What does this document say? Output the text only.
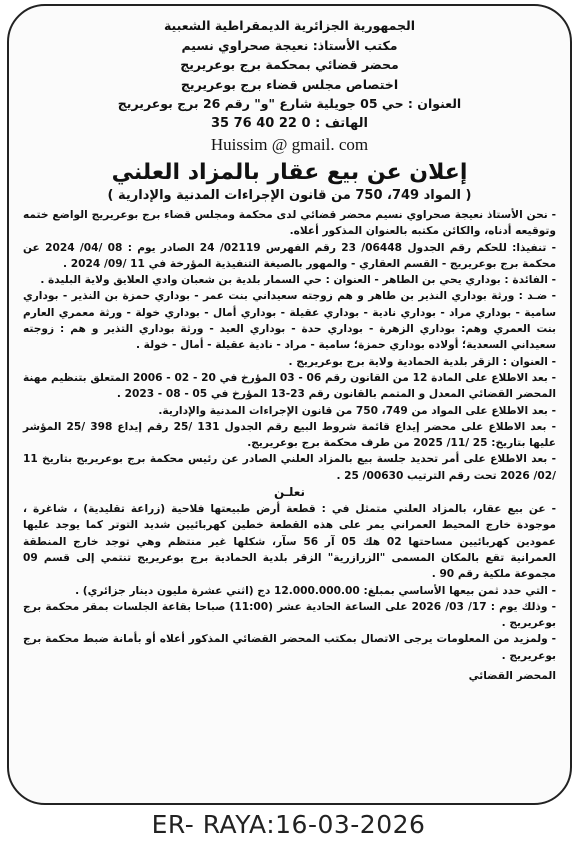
الجمهورية الجزائرية الديمقراطية الشعبية
مكتب الأستاذ: نعيجة صحراوي نسيم
محضر قضائي بمحكمة برج بوعريريج
اختصاص مجلس قضاء برج بوعريريج
العنوان : حي 05 جويلية شارع "و" رقم 26 برج بوعريريج
الهاتف : 0 22 40 76 35
Huissim @ gmail. com
إعلان عن بيع عقار بالمزاد العلني
( المواد 749، 750 من قانون الإجراءات المدنية والإدارية )

- نحن الأستاذ نعيجة صحراوي نسيم محضر قضائي لدى محكمة ومجلس قضاء برج بوعريريج الواضع ختمه وتوقيعه أدناه، والكائن مكتبه بالعنوان المذكور أعلاه.

- تنفيذا: للحكم رقم الجدول 06448/ 23 رقم الفهرس 02119/ 24 الصادر يوم : 08 /04/ 2024 عن محكمة برج بوعريريج - القسم العقاري - والمهور بالصيغة التنفيذية المؤرخة في 11 /09/ 2024 .

- الفائدة : بوداري يحي بن الطاهر - العنوان : حي السمار بلدية بن شعبان وادي العلايق ولاية البليدة .

- ضـد : ورثة بوداري النذير بن طاهر و هم زوجته سعيداني بنت عمر - بوداري حمزة بن النذير - بوداري سامية - بوداري مراد - بوداري نادية - بوداري عقيلة - بوداري أمال - بوداري خولة - ورثة معمري العارم بنت العمري وهم: بوداري الزهرة - بوداري حدة - بوداري العيد - ورثة بوداري التذير و هم : زوجته سعيداني السعدية؛ أولاده بوداري حمزة؛ سامية - مراد - نادية عقيلة - أمال - خولة .

- العنوان : الزقر بلدية الحمادية ولاية برج بوعريريج .

- بعد الاطلاع على المادة 12 من القانون رقم 06 - 03 المؤرخ في 20 - 02 - 2006 المتعلق بتنظيم مهنة المحضر القضائي المعدل و المتمم بالقانون رقم 23-13 المؤرخ في 05 - 08 - 2023 .

- بعد الاطلاع على المواد من 749، 750 من قانون الإجراءات المدنية والإدارية.

- بعد الاطلاع على محضر إيداع قائمة شروط البيع رقم الجدول 131 /25 رقم إيداع 398 /25 المؤشر عليها بتاريخ: 25 /11/ 2025 من طرف محكمة برج بوعريريج.

- بعد الاطلاع على أمر تحديد جلسة بيع بالمزاد العلني الصادر عن رئيس محكمة برج بوعريريج بتاريخ 11 /02/ 2026 تحت رقم الترتيب 00630/ 25 .

نعلـن

- عن بيع عقار، بالمزاد العلني متمثل في : قطعة أرض طبيعتها فلاحية (زراعة تقليدية) ، شاغرة ، موجودة خارج المحيط العمراني يمر على هذه القطعة خطين كهربائيين شديد التوتر كما يوجد عليها عمودين كهربائيين مساحتها 02 هك 05 آر 56 سآر، شكلها غير منتظم وهي توجد خارج المنطقة العمرانية تقع بالمكان المسمى "الزرازرية" الزقر بلدية الحمادية برج بوعريريج تنتمي إلى قسم 09 مجموعة ملكية رقم 90 .

- التي حدد ثمن بيعها الأساسي بمبلغ: 12.000.000.00 دج (اثني عشرة مليون دينار جزائري) .

- وذلك يوم : 17/ 03/ 2026 على الساعة الحادية عشر (11:00) صباحا بقاعة الجلسات بمقر محكمة برج بوعريريج .

- ولمزيد من المعلومات يرجى الاتصال بمكتب المحضر القضائي المذكور أعلاه أو بأمانة ضبط محكمة برج بوعريريج .

المحضر القضائي
ER- RAYA:16-03-2026
